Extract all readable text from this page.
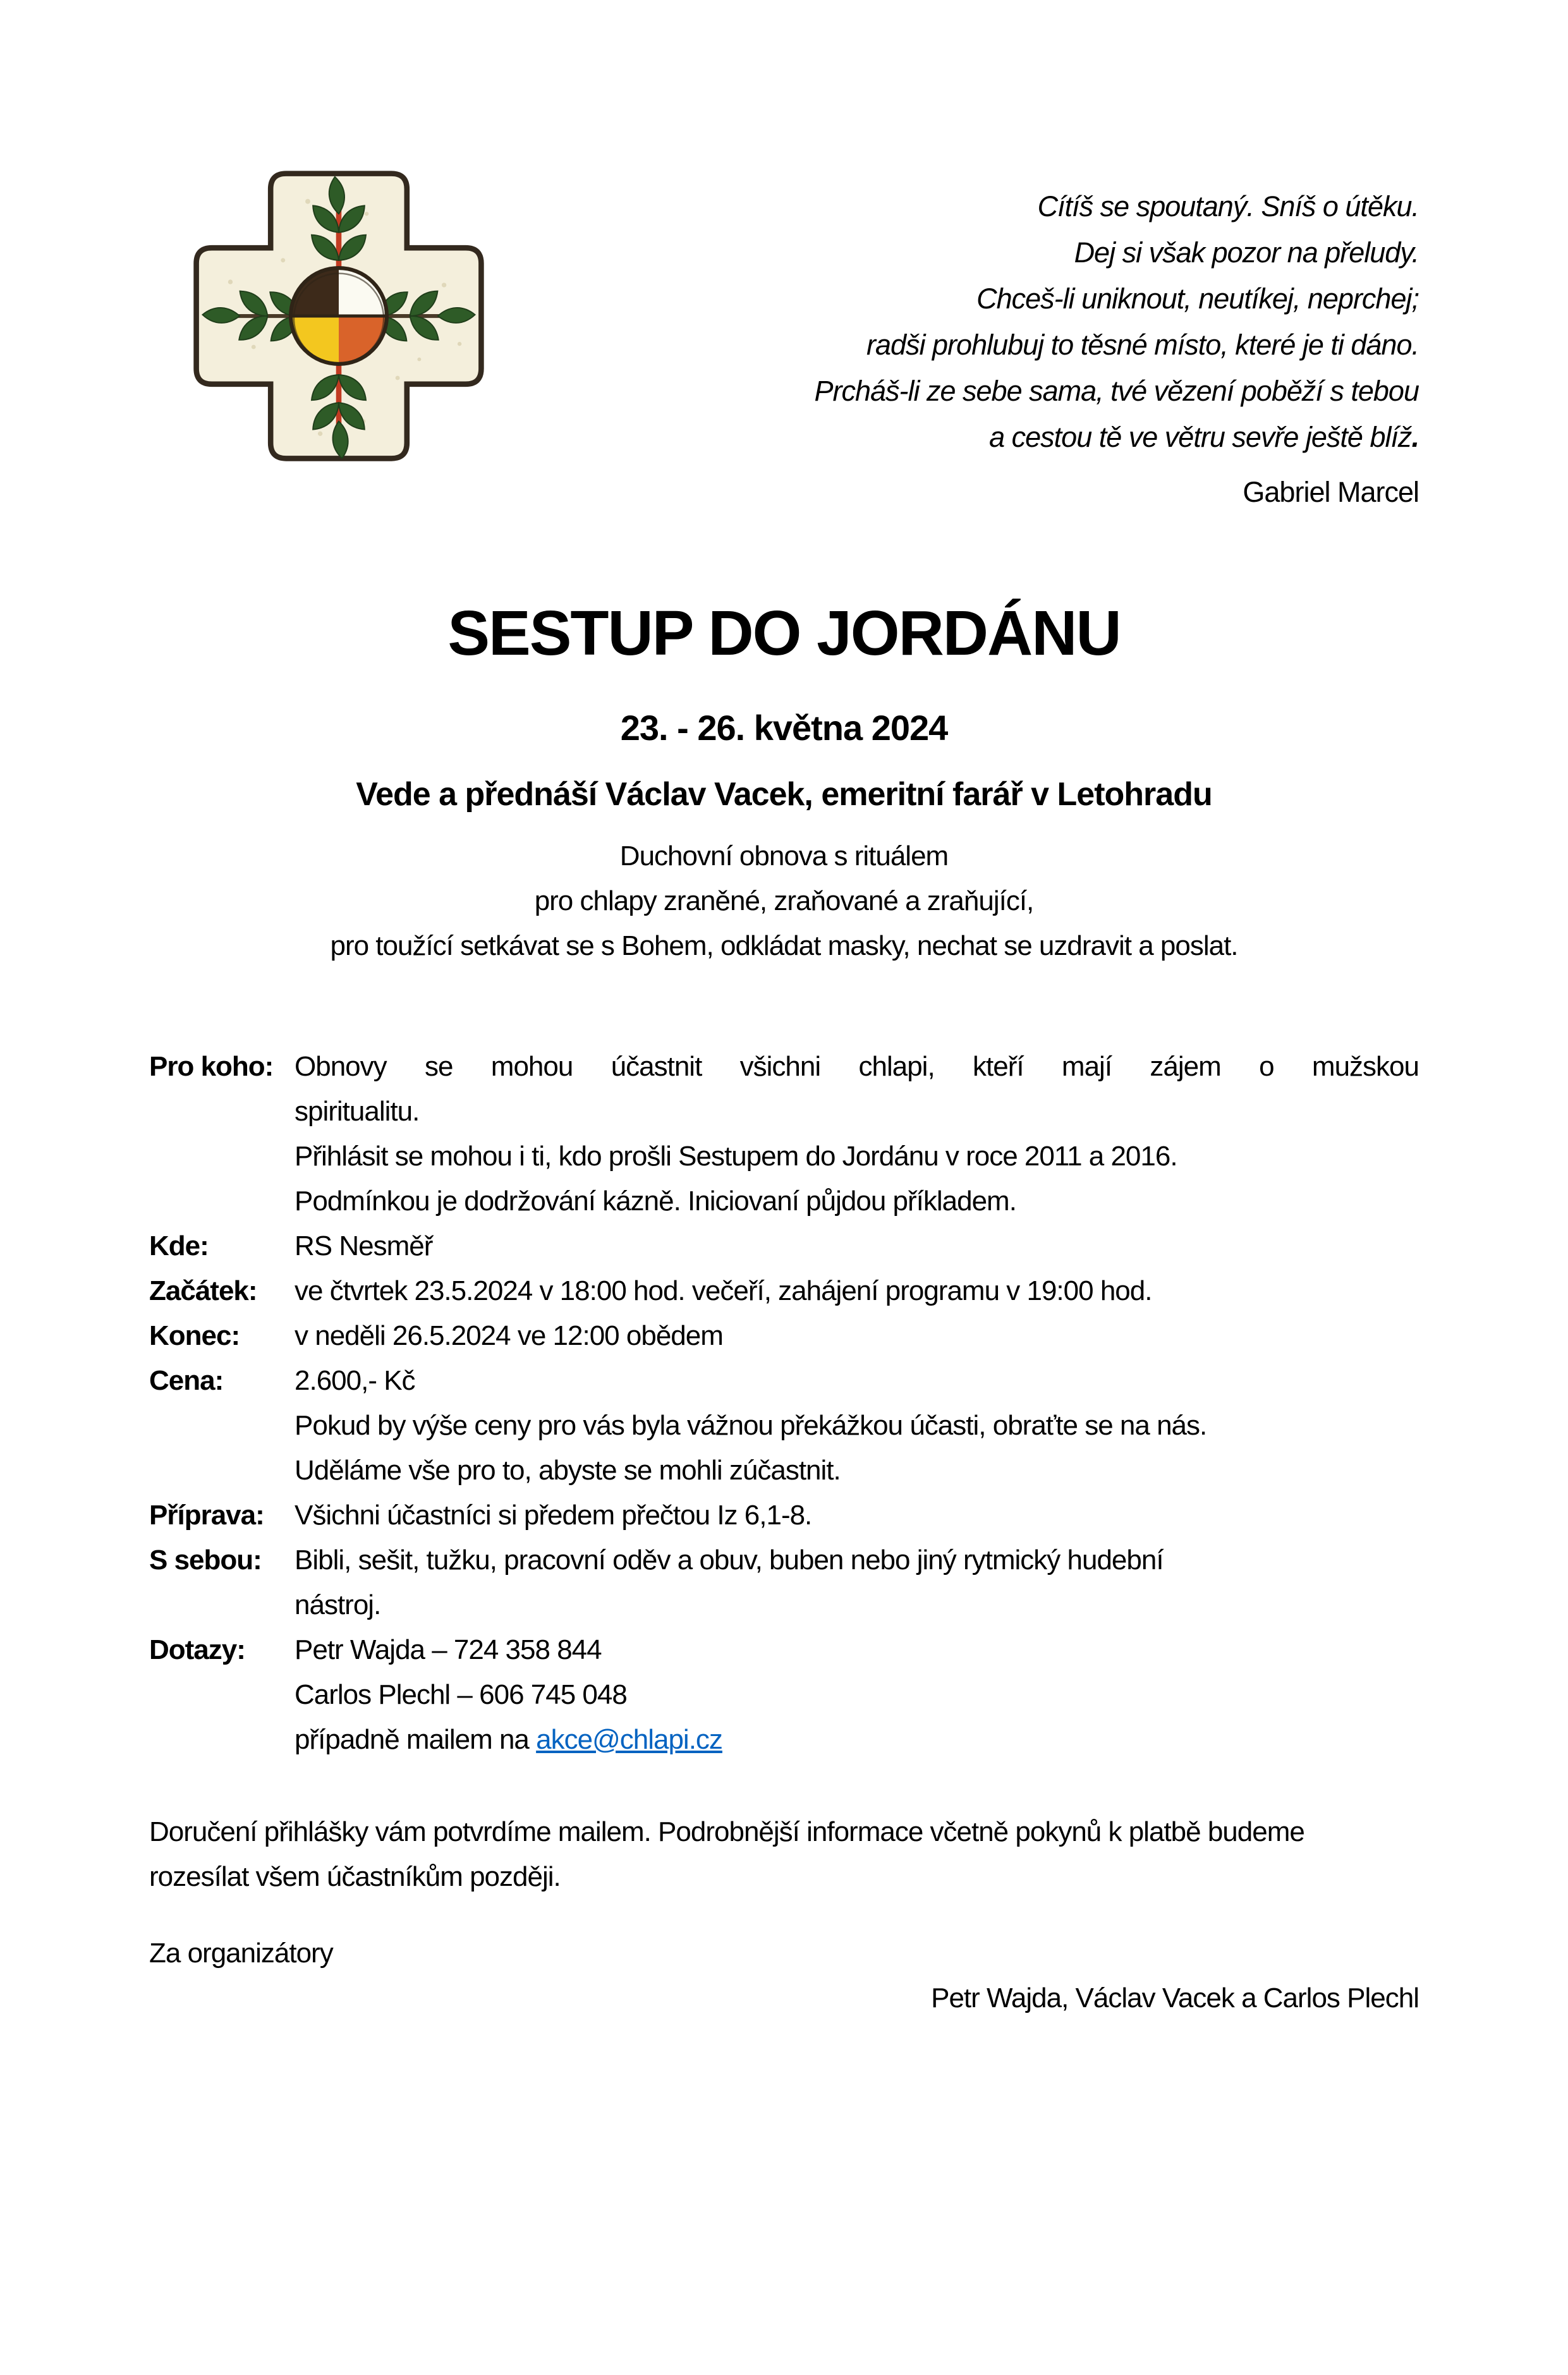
Cítíš se spoutaný. Sníš o útěku.
Dej si však pozor na přeludy.
Chceš-li uniknout, neutíkej, neprchej;
radši prohlubuj to těsné místo, které je ti dáno.
Prcháš-li ze sebe sama, tvé vězení poběží s tebou
a cestou tě ve větru sevře ještě blíž.
Gabriel Marcel
SESTUP DO JORDÁNU
23. - 26. května 2024
Vede a přednáší Václav Vacek, emeritní farář v Letohradu
Duchovní obnova s rituálem
pro chlapy zraněné, zraňované a zraňující,
pro toužící setkávat se s Bohem, odkládat masky, nechat se uzdravit a poslat.
Pro koho: Obnovy se mohou účastnit všichni chlapi, kteří mají zájem o mužskou
spiritualitu.
Přihlásit se mohou i ti, kdo prošli Sestupem do Jordánu v roce 2011 a 2016.
Podmínkou je dodržování kázně. Iniciovaní půjdou příkladem.
Kde:	RS Nesměř
Začátek:	ve čtvrtek 23.5.2024 v 18:00 hod. večeří, zahájení programu v 19:00 hod.
Konec:	v neděli 26.5.2024 ve 12:00 obědem
Cena:	2.600,- Kč
Pokud by výše ceny pro vás byla vážnou překážkou účasti, obraťte se na nás.
Uděláme vše pro to, abyste se mohli zúčastnit.
Příprava:	Všichni účastníci si předem přečtou Iz 6,1-8.
S sebou:	Bibli, sešit, tužku, pracovní oděv a obuv, buben nebo jiný rytmický hudební
nástroj.
Dotazy:	Petr Wajda – 724 358 844
Carlos Plechl – 606 745 048
případně mailem na akce@chlapi.cz
Doručení přihlášky vám potvrdíme mailem. Podrobnější informace včetně pokynů k platbě budeme
rozesílat všem účastníkům později.
Za organizátory
Petr Wajda, Václav Vacek a Carlos Plechl
